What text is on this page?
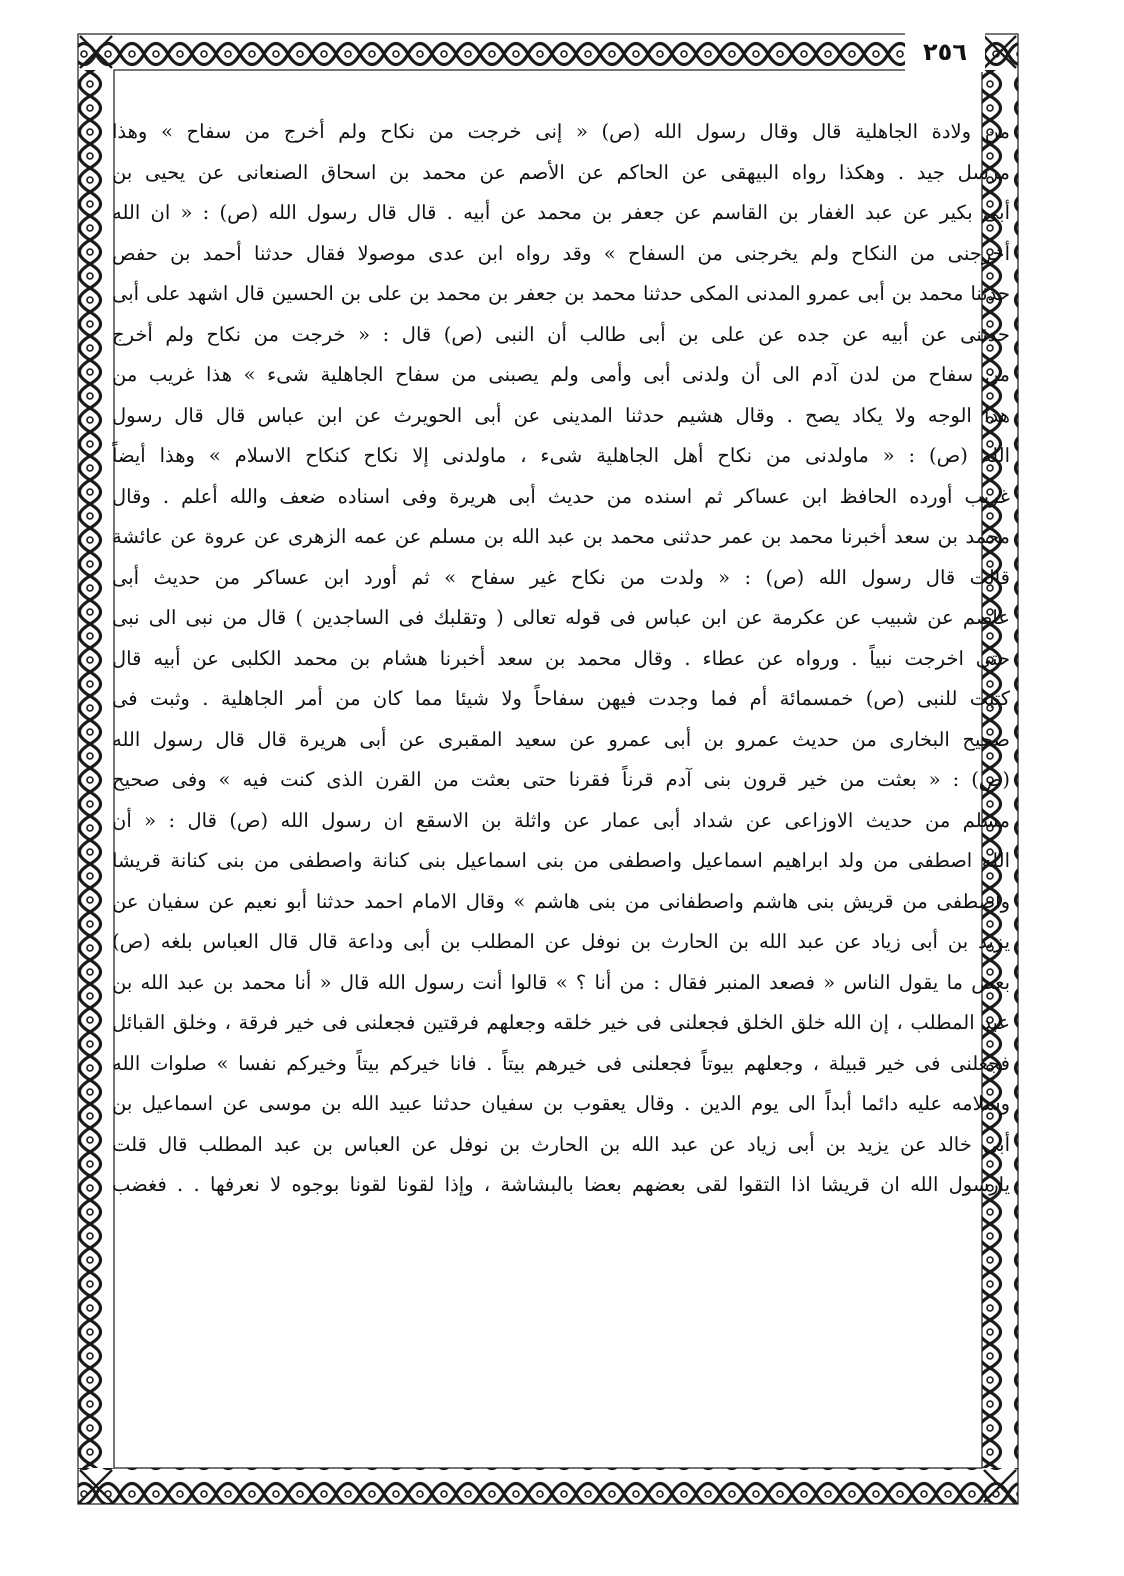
٢٥٦
من ولادة الجاهلية قال وقال رسول الله (ص) « إنى خرجت من نكاح ولم أخرج من سفاح » وهذا
مرسل جيد . وهكذا رواه البيهقى عن الحاكم عن الأصم عن محمد بن اسحاق الصنعانى عن يحيى بن
أبى بكير عن عبد الغفار بن القاسم عن جعفر بن محمد عن أبيه . قال قال رسول الله (ص) : « ان الله
أخرجنى من النكاح ولم يخرجنى من السفاح » وقد رواه ابن عدى موصولا فقال حدثنا أحمد بن حفص
حدثنا محمد بن أبى عمرو المدنى المكى حدثنا محمد بن جعفر بن محمد بن على بن الحسين قال اشهد على أبى
حدثنى عن أبيه عن جده عن على بن أبى طالب أن النبى (ص) قال : « خرجت من نكاح ولم أخرج
من سفاح من لدن آدم الى أن ولدنى أبى وأمى ولم يصبنى من سفاح الجاهلية شىء » هذا غريب من
هذا الوجه ولا يكاد يصح . وقال هشيم حدثنا المدينى عن أبى الحويرث عن ابن عباس قال قال رسول
الله (ص) : « ماولدنى من نكاح أهل الجاهلية شىء ، ماولدنى إلا نكاح كنكاح الاسلام » وهذا أيضاً
غريب أورده الحافظ ابن عساكر ثم اسنده من حديث أبى هريرة وفى اسناده ضعف والله أعلم . وقال
محمد بن سعد أخبرنا محمد بن عمر حدثنى محمد بن عبد الله بن مسلم عن عمه الزهرى عن عروة عن عائشة
قالت قال رسول الله (ص) : « ولدت من نكاح غير سفاح » ثم أورد ابن عساكر من حديث أبى
عاصم عن شبيب عن عكرمة عن ابن عباس فى قوله تعالى ( وتقلبك فى الساجدين ) قال من نبى الى نبى
حتى اخرجت نبياً . ورواه عن عطاء . وقال محمد بن سعد أخبرنا هشام بن محمد الكلبى عن أبيه قال
كتبت للنبى (ص) خمسمائة أم فما وجدت فيهن سفاحاً ولا شيئا مما كان من أمر الجاهلية . وثبت فى
صحيح البخارى من حديث عمرو بن أبى عمرو عن سعيد المقبرى عن أبى هريرة قال قال رسول الله
(ص) : « بعثت من خير قرون بنى آدم قرناً فقرنا حتى بعثت من القرن الذى كنت فيه » وفى صحيح
مسلم من حديث الاوزاعى عن شداد أبى عمار عن واثلة بن الاسقع ان رسول الله (ص) قال : « أن
الله اصطفى من ولد ابراهيم اسماعيل واصطفى من بنى اسماعيل بنى كنانة واصطفى من بنى كنانة قريشا
واصطفى من قريش بنى هاشم واصطفانى من بنى هاشم » وقال الامام احمد حدثنا أبو نعيم عن سفيان عن
يزيد بن أبى زياد عن عبد الله بن الحارث بن نوفل عن المطلب بن أبى وداعة قال قال العباس بلغه (ص)
بعض ما يقول الناس « فصعد المنبر فقال : من أنا ؟ » قالوا أنت رسول الله قال « أنا محمد بن عبد الله بن
عبد المطلب ، إن الله خلق الخلق فجعلنى فى خير خلقه وجعلهم فرقتين فجعلنى فى خير فرقة ، وخلق القبائل
فجعلنى فى خير قبيلة ، وجعلهم بيوتاً فجعلنى فى خيرهم بيتاً . فانا خيركم بيتاً وخيركم نفسا » صلوات الله
وسلامه عليه دائما أبداً الى يوم الدين . وقال يعقوب بن سفيان حدثنا عبيد الله بن موسى عن اسماعيل بن
أبى خالد عن يزيد بن أبى زياد عن عبد الله بن الحارث بن نوفل عن العباس بن عبد المطلب قال قلت
يارسول الله ان قريشا اذا التقوا لقى بعضهم بعضا بالبشاشة ، وإذا لقونا لقونا بوجوه لا نعرفها . . فغضب
